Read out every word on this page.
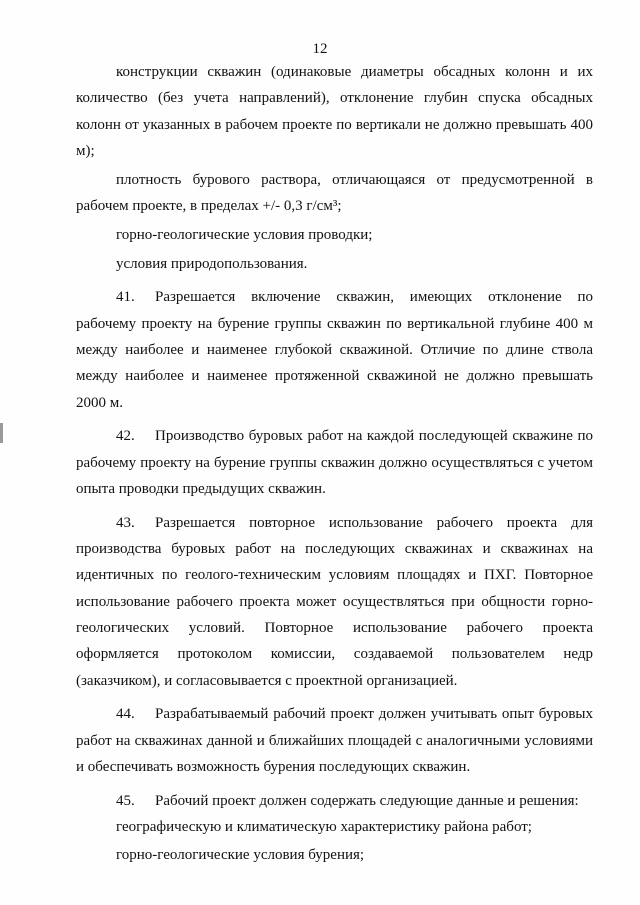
12

конструкции скважин (одинаковые диаметры обсадных колонн и их количество (без учета направлений), отклонение глубин спуска обсадных колонн от указанных в рабочем проекте по вертикали не должно превышать 400 м);

плотность бурового раствора, отличающаяся от предусмотренной в рабочем проекте, в пределах +/- 0,3 г/см³;

горно-геологические условия проводки;

условия природопользования.

41. Разрешается включение скважин, имеющих отклонение по рабочему проекту на бурение группы скважин по вертикальной глубине 400 м между наиболее и наименее глубокой скважиной. Отличие по длине ствола между наиболее и наименее протяженной скважиной не должно превышать 2000 м.

42. Производство буровых работ на каждой последующей скважине по рабочему проекту на бурение группы скважин должно осуществляться с учетом опыта проводки предыдущих скважин.

43. Разрешается повторное использование рабочего проекта для производства буровых работ на последующих скважинах и скважинах на идентичных по геолого-техническим условиям площадях и ПХГ. Повторное использование рабочего проекта может осуществляться при общности горно-геологических условий. Повторное использование рабочего проекта оформляется протоколом комиссии, создаваемой пользователем недр (заказчиком), и согласовывается с проектной организацией.

44. Разрабатываемый рабочий проект должен учитывать опыт буровых работ на скважинах данной и ближайших площадей с аналогичными условиями и обеспечивать возможность бурения последующих скважин.

45. Рабочий проект должен содержать следующие данные и решения:

географическую и климатическую характеристику района работ;

горно-геологические условия бурения;
